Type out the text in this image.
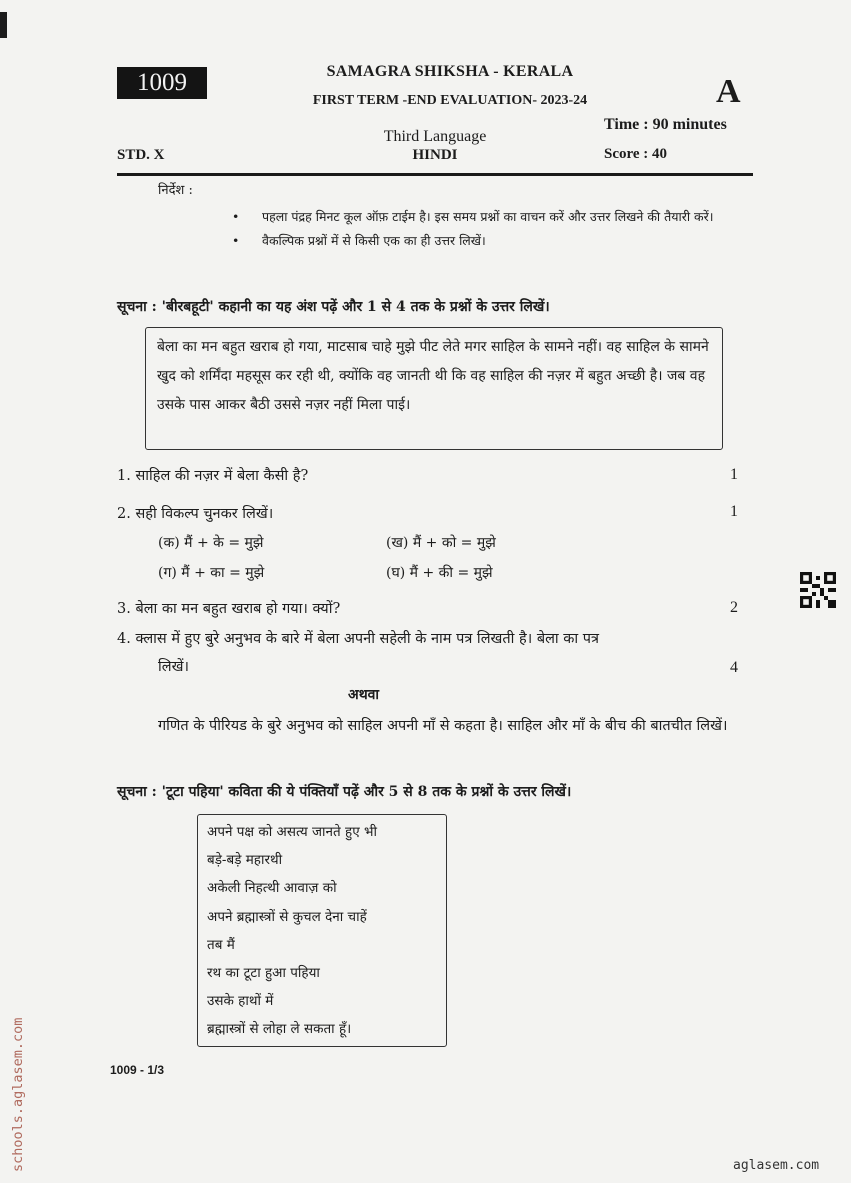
1009	SAMAGRA SHIKSHA - KERALA
FIRST TERM -END EVALUATION- 2023-24	A
Time : 90 minutes
Third Language
HINDI
STD. X	Score : 40
निर्देश :
• पहला पंद्रह मिनट कूल ऑफ़ टाईम है। इस समय प्रश्नों का वाचन करें और उत्तर लिखने की तैयारी करें।
• वैकल्पिक प्रश्नों में से किसी एक का ही उत्तर लिखें।
सूचना : 'बीरबहूटी' कहानी का यह अंश पढ़ें और 1 से 4 तक के प्रश्नों के उत्तर लिखें।
बेला का मन बहुत खराब हो गया, माटसाब चाहे मुझे पीट लेते मगर साहिल के सामने नहीं। वह साहिल के सामने खुद को शर्मिंदा महसूस कर रही थी, क्योंकि वह जानती थी कि वह साहिल की नज़र में बहुत अच्छी है। जब वह उसके पास आकर बैठी उससे नज़र नहीं मिला पाई।
1. साहिल की नज़र में बेला कैसी है?	1
2. सही विकल्प चुनकर लिखें।	1
(क) मैं + के = मुझे	(ख) मैं + को = मुझे
(ग) मैं + का = मुझे	(घ) मैं + की = मुझे
3. बेला का मन बहुत खराब हो गया। क्यों?	2
4. क्लास में हुए बुरे अनुभव के बारे में बेला अपनी सहेली के नाम पत्र लिखती है। बेला का पत्र
लिखें।	4
अथवा
गणित के पीरियड के बुरे अनुभव को साहिल अपनी माँ से कहता है। साहिल और माँ के बीच की बातचीत लिखें।
सूचना : 'टूटा पहिया' कविता की ये पंक्तियाँ पढ़ें और 5 से 8 तक के प्रश्नों के उत्तर लिखें।
अपने पक्ष को असत्य जानते हुए भी
बड़े-बड़े महारथी
अकेली निहत्थी आवाज़ को
अपने ब्रह्मास्त्रों से कुचल देना चाहें
तब मैं
रथ का टूटा हुआ पहिया
उसके हाथों में
ब्रह्मास्त्रों से लोहा ले सकता हूँ।
1009 - 1/3
schools.aglasem.com	aglasem.com
